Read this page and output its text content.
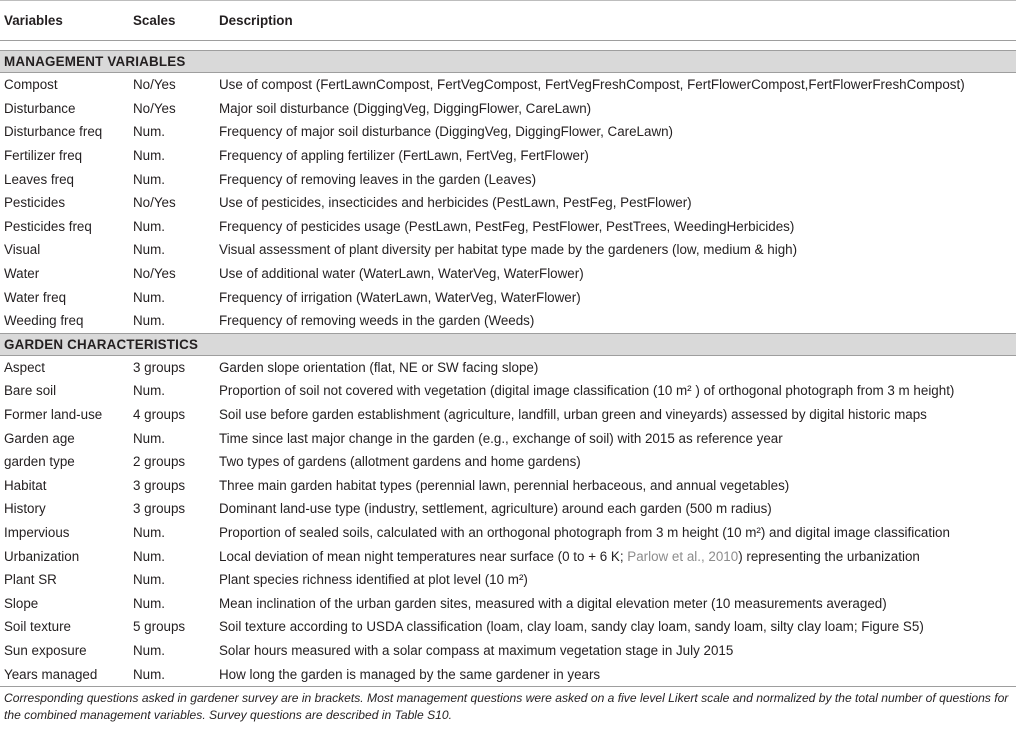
Variables	Scales	Description

MANAGEMENT VARIABLES		
Compost	No/Yes	Use of compost (FertLawnCompost, FertVegCompost, FertVegFreshCompost, FertFlowerCompost,FertFlowerFreshCompost)
Disturbance	No/Yes	Major soil disturbance (DiggingVeg, DiggingFlower, CareLawn)
Disturbance freq	Num.	Frequency of major soil disturbance (DiggingVeg, DiggingFlower, CareLawn)
Fertilizer freq	Num.	Frequency of appling fertilizer (FertLawn, FertVeg, FertFlower)
Leaves freq	Num.	Frequency of removing leaves in the garden (Leaves)
Pesticides	No/Yes	Use of pesticides, insecticides and herbicides (PestLawn, PestFeg, PestFlower)
Pesticides freq	Num.	Frequency of pesticides usage (PestLawn, PestFeg, PestFlower, PestTrees, WeedingHerbicides)
Visual	Num.	Visual assessment of plant diversity per habitat type made by the gardeners (low, medium & high)
Water	No/Yes	Use of additional water (WaterLawn, WaterVeg, WaterFlower)
Water freq	Num.	Frequency of irrigation (WaterLawn, WaterVeg, WaterFlower)
Weeding freq	Num.	Frequency of removing weeds in the garden (Weeds)
GARDEN CHARACTERISTICS		
Aspect	3 groups	Garden slope orientation (flat, NE or SW facing slope)
Bare soil	Num.	Proportion of soil not covered with vegetation (digital image classification (10 m² ) of orthogonal photograph from 3 m height)
Former land-use	4 groups	Soil use before garden establishment (agriculture, landfill, urban green and vineyards) assessed by digital historic maps
Garden age	Num.	Time since last major change in the garden (e.g., exchange of soil) with 2015 as reference year
garden type	2 groups	Two types of gardens (allotment gardens and home gardens)
Habitat	3 groups	Three main garden habitat types (perennial lawn, perennial herbaceous, and annual vegetables)
History	3 groups	Dominant land-use type (industry, settlement, agriculture) around each garden (500 m radius)
Impervious	Num.	Proportion of sealed soils, calculated with an orthogonal photograph from 3 m height (10 m²) and digital image classification
Urbanization	Num.	Local deviation of mean night temperatures near surface (0 to + 6 K; Parlow et al., 2010) representing the urbanization
Plant SR	Num.	Plant species richness identified at plot level (10 m²)
Slope	Num.	Mean inclination of the urban garden sites, measured with a digital elevation meter (10 measurements averaged)
Soil texture	5 groups	Soil texture according to USDA classification (loam, clay loam, sandy clay loam, sandy loam, silty clay loam; Figure S5)
Sun exposure	Num.	Solar hours measured with a solar compass at maximum vegetation stage in July 2015
Years managed	Num.	How long the garden is managed by the same gardener in years
Corresponding questions asked in gardener survey are in brackets. Most management questions were asked on a five level Likert scale and normalized by the total number of questions for the combined management variables. Survey questions are described in Table S10.
